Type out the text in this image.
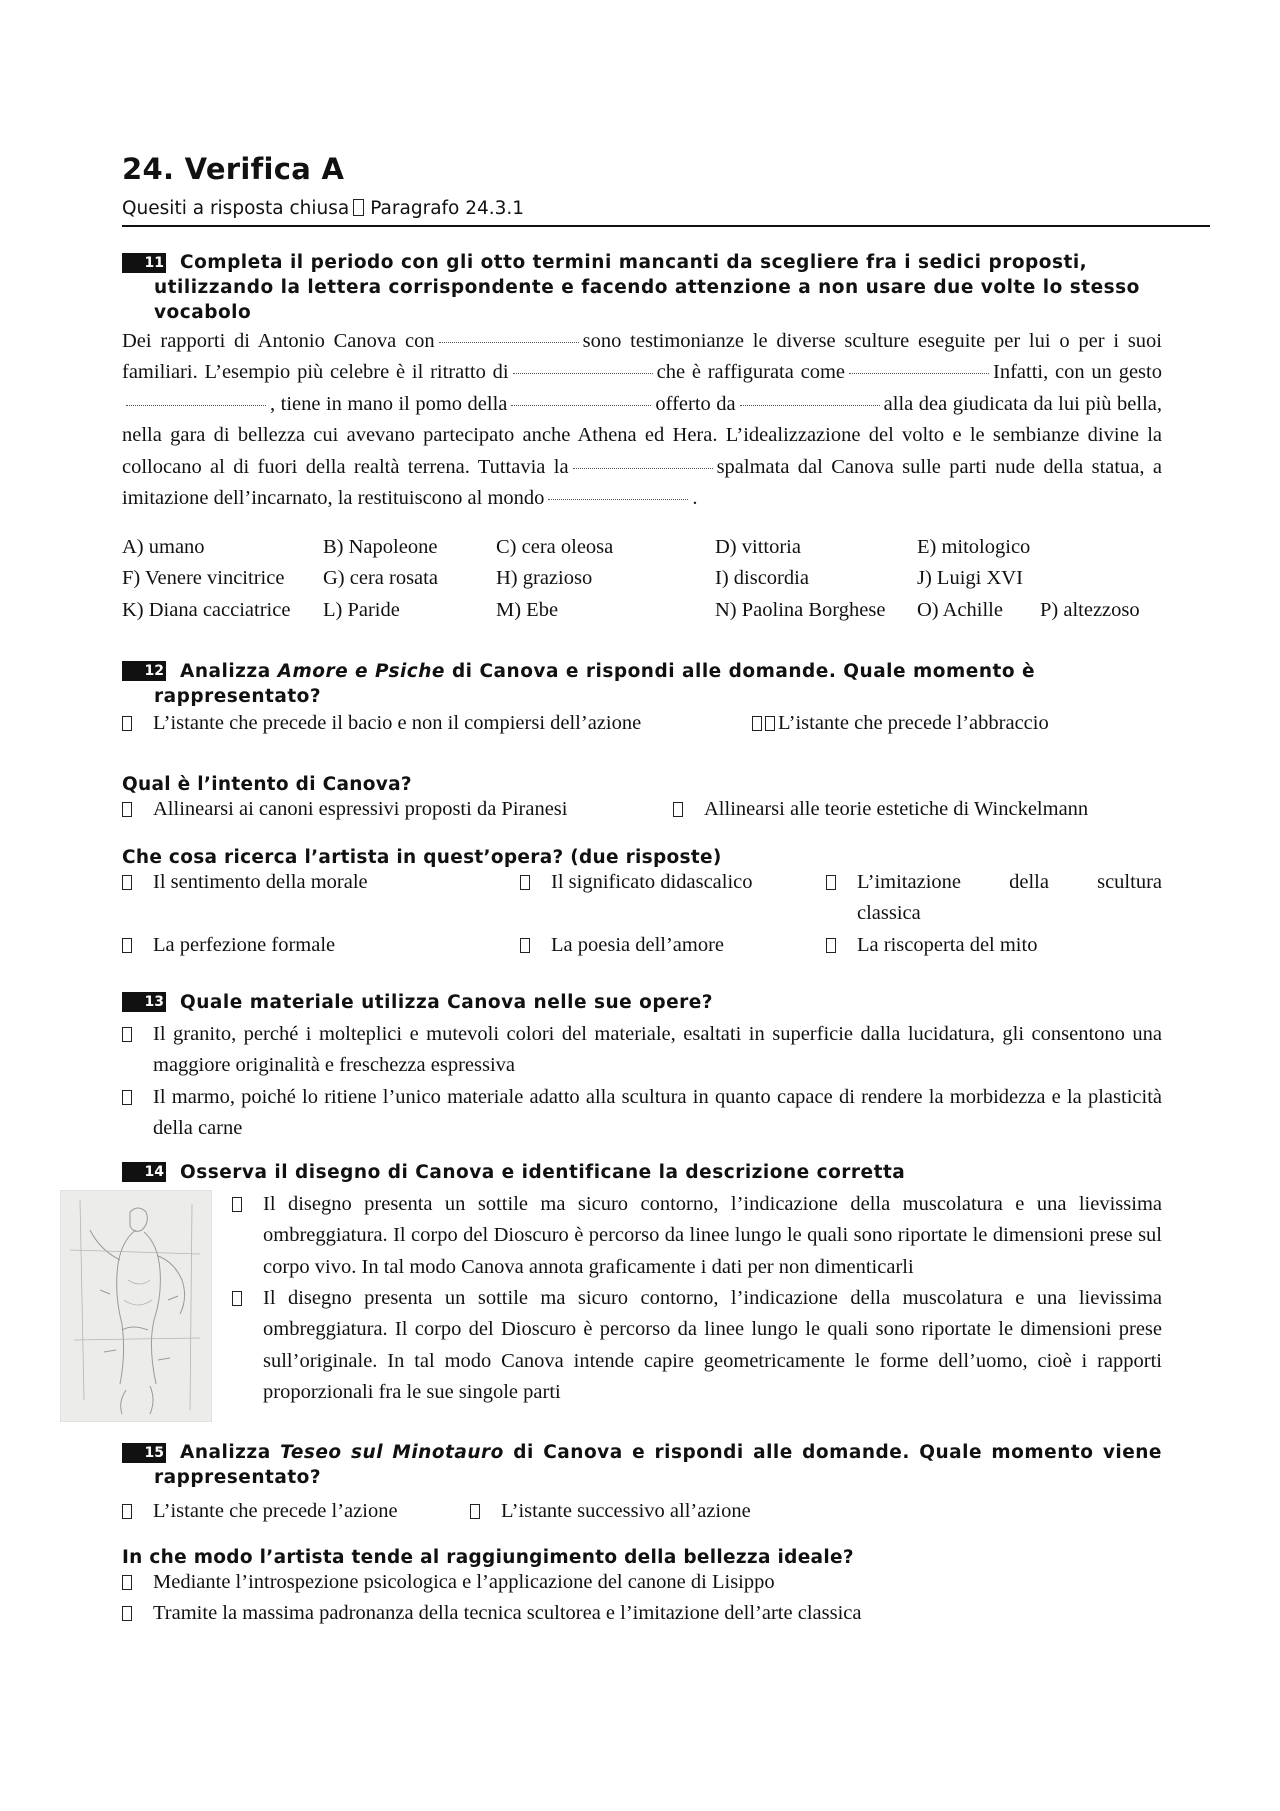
24. Verifica A
Quesiti a risposta chiusa Paragrafo 24.3.1
11 Completa il periodo con gli otto termini mancanti da scegliere fra i sedici proposti, utilizzando la lettera corrispondente e facendo attenzione a non usare due volte lo stesso vocabolo
Dei rapporti di Antonio Canova con	sono testimonianze le diverse sculture eseguite per lui o per i suoi familiari. L’esempio più celebre è il ritratto di	che è raffigurata come	Infatti, con un gesto, tiene in mano il pomo della	offerto da	alla dea giudicata da lui più bella, nella gara di bellezza cui avevano partecipato anche Athena ed Hera. L’idealizzazione del volto e le sembianze divine la collocano al di fuori della realtà terrena. Tuttavia la	spalmata dal Canova sulle parti nude della statua, a imitazione dell’incarnato, la restituiscono al mondo	.
A) umano	B) Napoleone	C) cera oleosa	D) vittoria	E) mitologico
F) Venere vincitrice G) cera rosata	H) grazioso	I) discordia	J) Luigi XVI
K) Diana cacciatrice L) Paride	M) Ebe	N) Paolina Borghese O) Achille P) altezzoso
12 Analizza Amore e Psiche di Canova e rispondi alle domande. Quale momento è rappresentato?
L’istante che precede il bacio e non il compiersi dell’azione	L’istante che precede l’abbraccio
Qual è l’intento di Canova?
Allinearsi ai canoni espressivi proposti da Piranesi	Allinearsi alle teorie estetiche di Winckelmann
Che cosa ricerca l’artista in quest’opera? (due risposte)
Il sentimento della morale	Il significato didascalico	L’imitazione della scultura classica
La perfezione formale	La poesia dell’amore	La riscoperta del mito
13 Quale materiale utilizza Canova nelle sue opere?
Il granito, perché i molteplici e mutevoli colori del materiale, esaltati in superficie dalla lucidatura, gli consentono una maggiore originalità e freschezza espressiva
Il marmo, poiché lo ritiene l’unico materiale adatto alla scultura in quanto capace di rendere la morbidezza e la plasticità della carne
14 Osserva il disegno di Canova e identificane la descrizione corretta
Il disegno presenta un sottile ma sicuro contorno, l’indicazione della muscolatura e una lievissima ombreggiatura. Il corpo del Dioscuro è percorso da linee lungo le quali sono riportate le dimensioni prese sul corpo vivo. In tal modo Canova annota graficamente i dati per non dimenticarli
Il disegno presenta un sottile ma sicuro contorno, l’indicazione della muscolatura e una lievissima ombreggiatura. Il corpo del Dioscuro è percorso da linee lungo le quali sono riportate le dimensioni prese sull’originale. In tal modo Canova intende capire geometricamente le forme dell’uomo, cioè i rapporti proporzionali fra le sue singole parti
15 Analizza Teseo sul Minotauro di Canova e rispondi alle domande. Quale momento viene rappresentato?
L’istante che precede l’azione	L’istante successivo all’azione
In che modo l’artista tende al raggiungimento della bellezza ideale?
Mediante l’introspezione psicologica e l’applicazione del canone di Lisippo
Tramite la massima padronanza della tecnica scultorea e l’imitazione dell’arte classica
